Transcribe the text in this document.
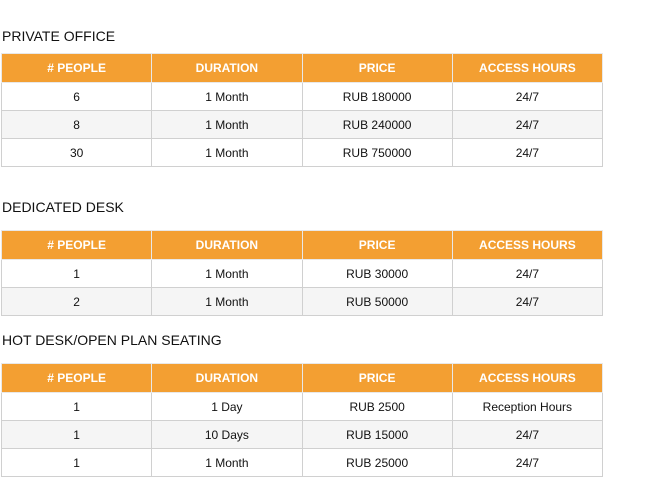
PRIVATE OFFICE
# PEOPLE	DURATION	PRICE	ACCESS HOURS
6	1 Month	RUB 180000	24/7
8	1 Month	RUB 240000	24/7
30	1 Month	RUB 750000	24/7
DEDICATED DESK
# PEOPLE	DURATION	PRICE	ACCESS HOURS
1	1 Month	RUB 30000	24/7
2	1 Month	RUB 50000	24/7
HOT DESK/OPEN PLAN SEATING
# PEOPLE	DURATION	PRICE	ACCESS HOURS
1	1 Day	RUB 2500	Reception Hours
1	10 Days	RUB 15000	24/7
1	1 Month	RUB 25000	24/7
